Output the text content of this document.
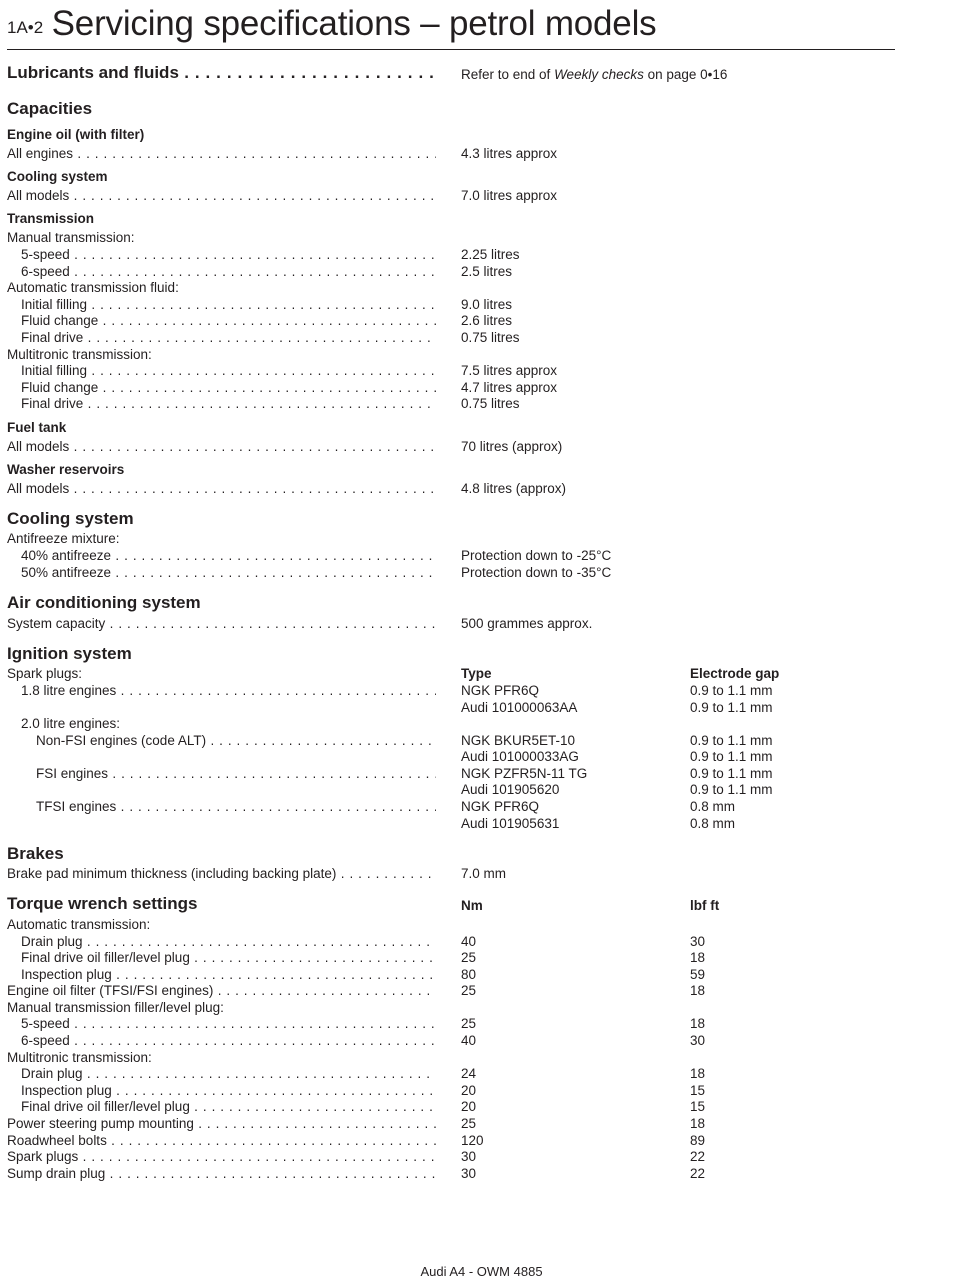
1A•2 Servicing specifications – petrol models
Lubricants and fluids . . .	Refer to end of Weekly checks on page 0•16
Capacities
Engine oil (with filter)
All engines . . .	4.3 litres approx
Cooling system
All models . . .	7.0 litres approx
Transmission
Manual transmission:
5-speed . . .	2.25 litres
6-speed . . .	2.5 litres
Automatic transmission fluid:
Initial filling . . .	9.0 litres
Fluid change . . .	2.6 litres
Final drive . . .	0.75 litres
Multitronic transmission:
Initial filling . . .	7.5 litres approx
Fluid change . . .	4.7 litres approx
Final drive . . .	0.75 litres
Fuel tank
All models . . .	70 litres (approx)
Washer reservoirs
All models . . .	4.8 litres (approx)
Cooling system
Antifreeze mixture:
40% antifreeze . . .	Protection down to -25°C
50% antifreeze . . .	Protection down to -35°C
Air conditioning system
System capacity . . .	500 grammes approx.
Ignition system
Spark plugs:	Type	Electrode gap
1.8 litre engines . . .	NGK PFR6Q	0.9 to 1.1 mm
Audi 101000063AA	0.9 to 1.1 mm
2.0 litre engines:
Non-FSI engines (code ALT) . . .	NGK BKUR5ET-10	0.9 to 1.1 mm
Audi 101000033AG	0.9 to 1.1 mm
FSI engines . . .	NGK PZFR5N-11 TG	0.9 to 1.1 mm
Audi 101905620	0.9 to 1.1 mm
TFSI engines . . .	NGK PFR6Q	0.8 mm
Audi 101905631	0.8 mm
Brakes
Brake pad minimum thickness (including backing plate) . . .	7.0 mm
Torque wrench settings	Nm	lbf ft
Automatic transmission:
Drain plug . . .	40	30
Final drive oil filler/level plug . . .	25	18
Inspection plug . . .	80	59
Engine oil filter (TFSI/FSI engines) . . .	25	18
Manual transmission filler/level plug:
5-speed . . .	25	18
6-speed . . .	40	30
Multitronic transmission:
Drain plug . . .	24	18
Inspection plug . . .	20	15
Final drive oil filler/level plug . . .	20	15
Power steering pump mounting . . .	25	18
Roadwheel bolts . . .	120	89
Spark plugs . . .	30	22
Sump drain plug . . .	30	22
Audi A4 - OWM 4885
